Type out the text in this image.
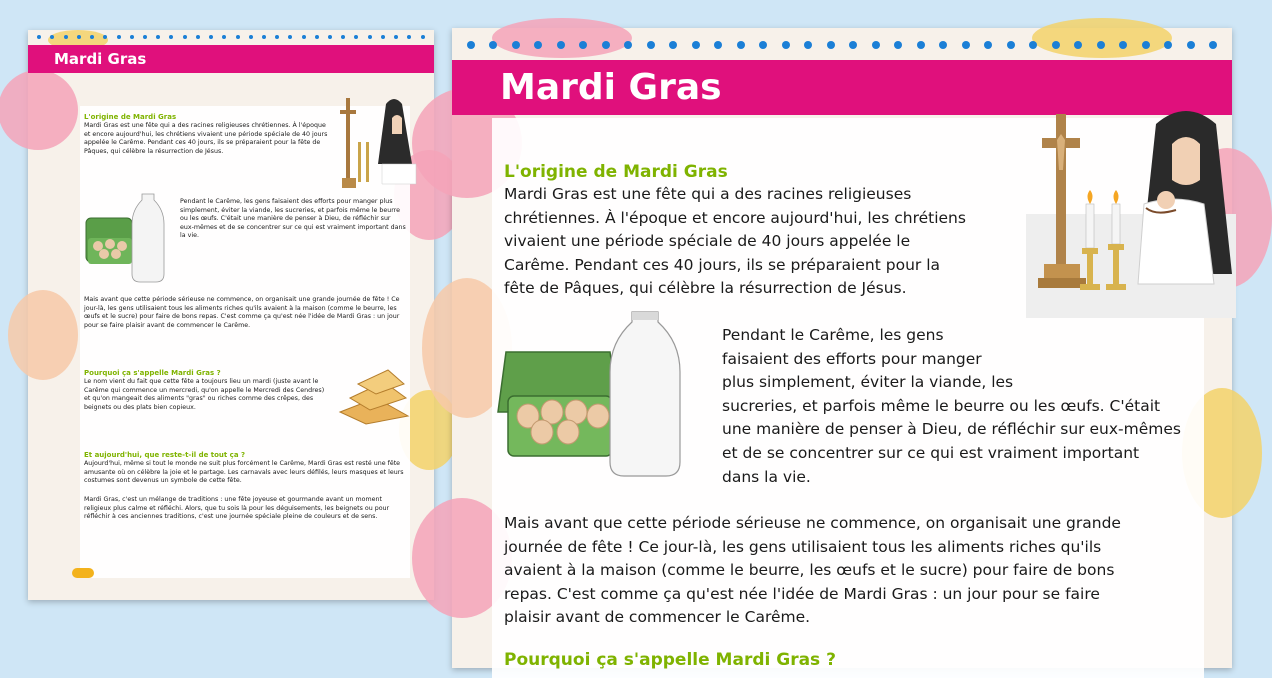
Mardi Gras
L'origine de Mardi Gras
Mardi Gras est une fête qui a des racines religieuses chrétiennes. À l'époque et encore aujourd'hui, les chrétiens vivaient une période spéciale de 40 jours appelée le Carême. Pendant ces 40 jours, ils se préparaient pour la fête de Pâques, qui célèbre la résurrection de Jésus.
Pendant le Carême, les gens faisaient des efforts pour manger plus simplement, éviter la viande, les sucreries, et parfois même le beurre ou les œufs. C'était une manière de penser à Dieu, de réfléchir sur eux-mêmes et de se concentrer sur ce qui est vraiment important dans la vie.
Mais avant que cette période sérieuse ne commence, on organisait une grande journée de fête ! Ce jour-là, les gens utilisaient tous les aliments riches qu'ils avaient à la maison (comme le beurre, les œufs et le sucre) pour faire de bons repas. C'est comme ça qu'est née l'idée de Mardi Gras : un jour pour se faire plaisir avant de commencer le Carême.
Pourquoi ça s'appelle Mardi Gras ?
Le nom vient du fait que cette fête a toujours lieu un mardi (juste avant le Carême qui commence un mercredi, qu'on appelle le Mercredi des Cendres) et qu'on mangeait des aliments "gras" ou riches comme des crêpes, des beignets ou des plats bien copieux.
Et aujourd'hui, que reste-t-il de tout ça ?
Aujourd'hui, même si tout le monde ne suit plus forcément le Carême, Mardi Gras est resté une fête amusante où on célèbre la joie et le partage. Les carnavals avec leurs défilés, leurs masques et leurs costumes sont devenus un symbole de cette fête.
Mardi Gras, c'est un mélange de traditions : une fête joyeuse et gourmande avant un moment religieux plus calme et réfléchi. Alors, que tu sois là pour les déguisements, les beignets ou pour réfléchir à ces anciennes traditions, c'est une journée spéciale pleine de couleurs et de sens.
Mardi Gras
L'origine de Mardi Gras
Mardi Gras est une fête qui a des racines religieuses
chrétiennes. À l'époque et encore aujourd'hui, les chrétiens
vivaient une période spéciale de 40 jours appelée le
Carême. Pendant ces 40 jours, ils se préparaient pour la
fête de Pâques, qui célèbre la résurrection de Jésus.
Pendant le Carême, les gens
faisaient des efforts pour manger
plus simplement, éviter la viande, les
sucreries, et parfois même le beurre ou les œufs. C'était
une manière de penser à Dieu, de réfléchir sur eux-mêmes
et de se concentrer sur ce qui est vraiment important
dans la vie.
Mais avant que cette période sérieuse ne commence, on organisait une grande
journée de fête ! Ce jour-là, les gens utilisaient tous les aliments riches qu'ils
avaient à la maison (comme le beurre, les œufs et le sucre) pour faire de bons
repas. C'est comme ça qu'est née l'idée de Mardi Gras : un jour pour se faire
plaisir avant de commencer le Carême.
Pourquoi ça s'appelle Mardi Gras ?
